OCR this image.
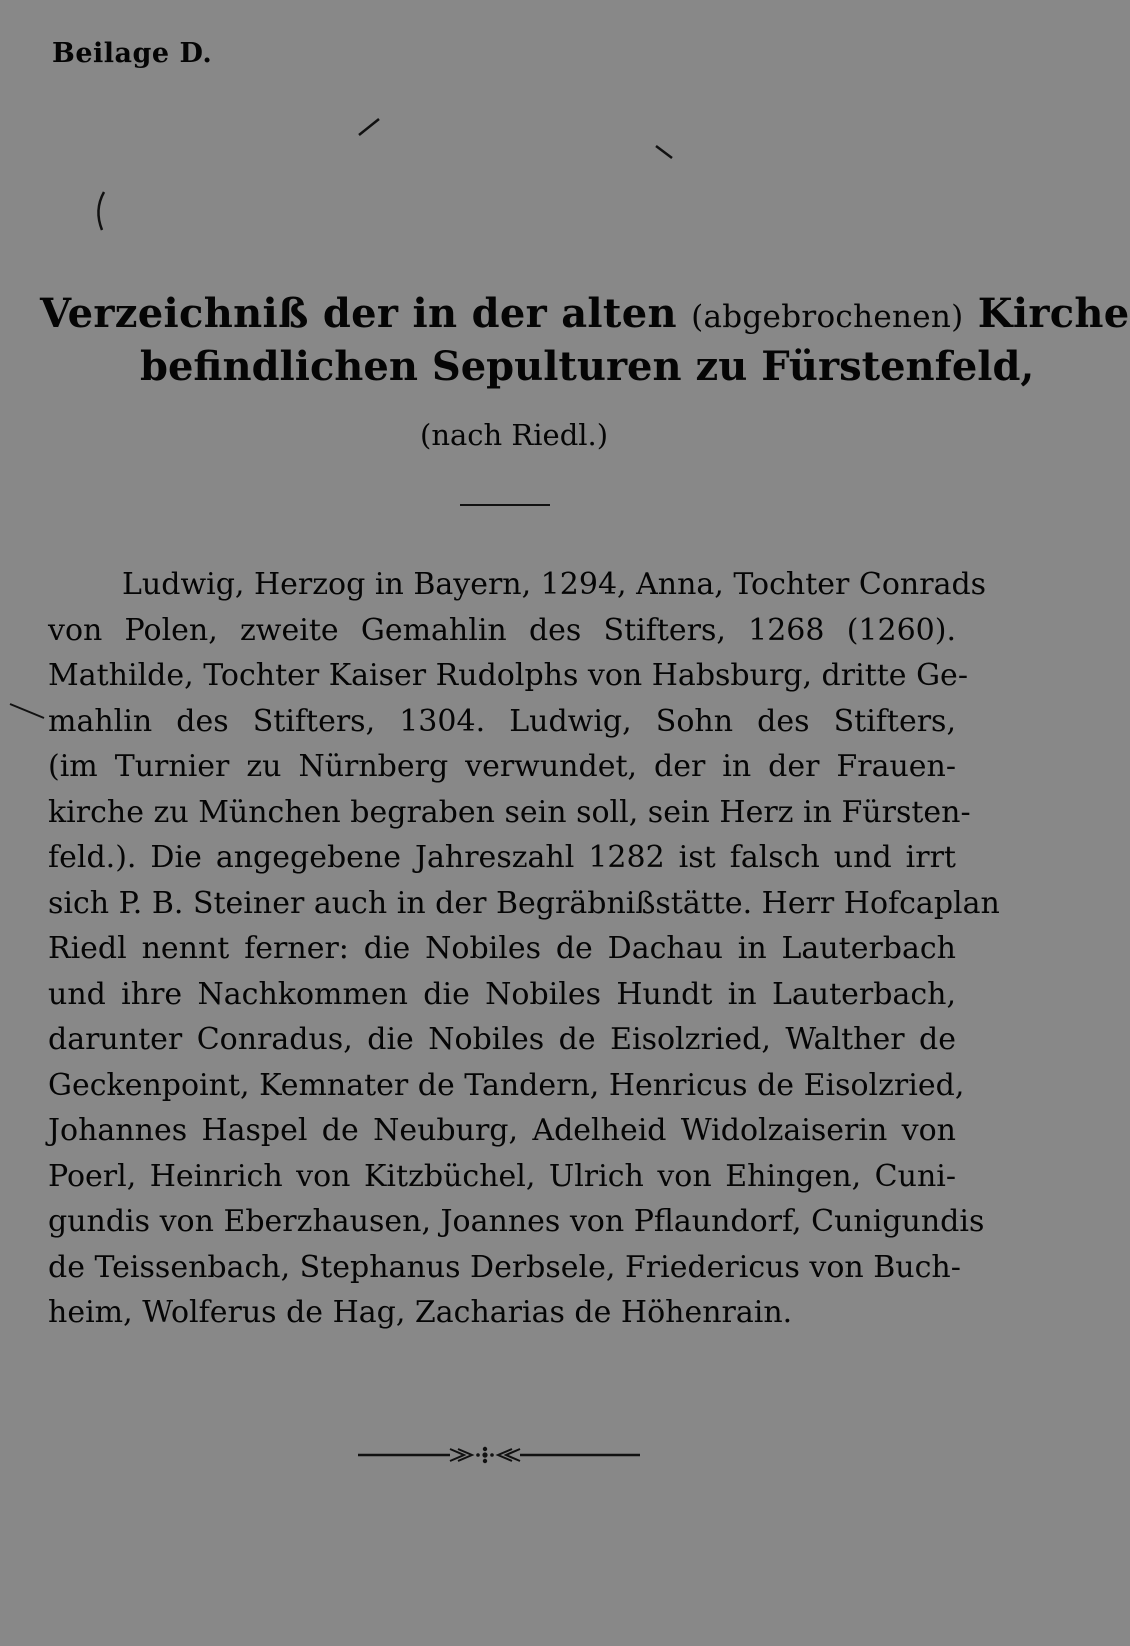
Beilage D.
Verzeichniß der in der alten (abgebrochenen) Kirche
befindlichen Sepulturen zu Fürstenfeld,
(nach Riedl.)
Ludwig, Herzog in Bayern, 1294, Anna, Tochter Conrads
von Polen, zweite Gemahlin des Stifters, 1268 (1260).
Mathilde, Tochter Kaiser Rudolphs von Habsburg, dritte Ge-
mahlin des Stifters, 1304. Ludwig, Sohn des Stifters,
(im Turnier zu Nürnberg verwundet, der in der Frauen-
kirche zu München begraben sein soll, sein Herz in Fürsten-
feld.). Die angegebene Jahreszahl 1282 ist falsch und irrt
sich P. B. Steiner auch in der Begräbnißstätte. Herr Hofcaplan
Riedl nennt ferner: die Nobiles de Dachau in Lauterbach
und ihre Nachkommen die Nobiles Hundt in Lauterbach,
darunter Conradus, die Nobiles de Eisolzried, Walther de
Geckenpoint, Kemnater de Tandern, Henricus de Eisolzried,
Johannes Haspel de Neuburg, Adelheid Widolzaiserin von
Poerl, Heinrich von Kitzbüchel, Ulrich von Ehingen, Cuni-
gundis von Eberzhausen, Joannes von Pflaundorf, Cunigundis
de Teissenbach, Stephanus Derbsele, Friedericus von Buch-
heim, Wolferus de Hag, Zacharias de Höhenrain.
